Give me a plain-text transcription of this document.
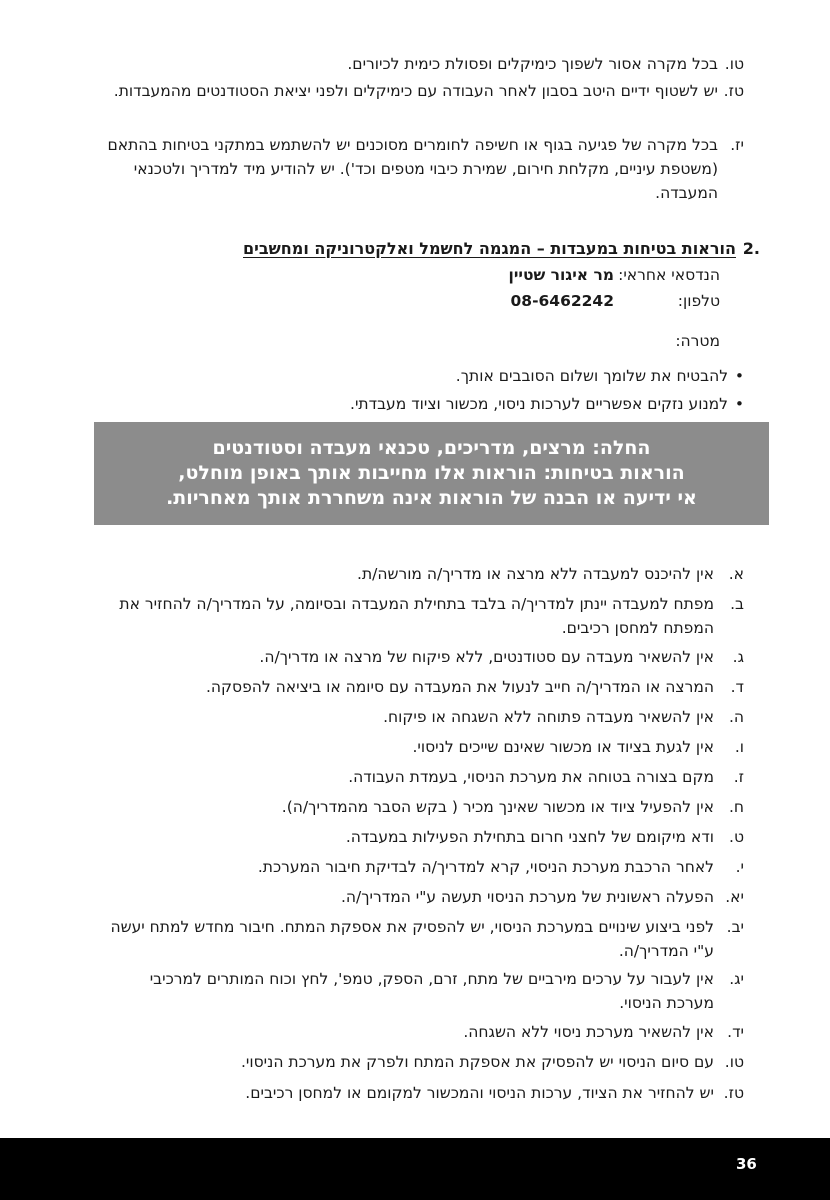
טו.
בכל מקרה אסור לשפוך כימיקלים ופסולת כימית לכיורים.
טז.
יש לשטוף ידיים היטב בסבון לאחר העבודה עם כימיקלים ולפני יציאת הסטודנטים מהמעבדות.
יז.
בכל מקרה של פגיעה בגוף או חשיפה לחומרים מסוכנים יש להשתמש במתקני בטיחות בהתאם (משטפת עיניים, מקלחת חירום, שמירת כיבוי מטפים וכד'). יש להודיע מיד למדריך ולטכנאי המעבדה.
.2
הוראות בטיחות במעבדות – המגמה לחשמל ואלקטרוניקה ומחשבים
הנדסאי אחראי:
מר איגור שטיין
טלפון:
08-6462242
מטרה:
•
להבטיח את שלומך ושלום הסובבים אותך.
•
למנוע נזקים אפשריים לערכות ניסוי, מכשור וציוד מעבדתי.
החלה: מרצים, מדריכים, טכנאי מעבדה וסטודנטים
הוראות בטיחות: הוראות אלו מחייבות אותך באופן מוחלט,
אי ידיעה או הבנה של הוראות אינה משחררת אותך מאחריות.
א.
אין להיכנס למעבדה ללא מרצה או מדריך/ה מורשה/ת.
ב.
מפתח למעבדה יינתן למדריך/ה בלבד בתחילת המעבדה ובסיומה, על המדריך/ה להחזיר את המפתח למחסן רכיבים.
ג.
אין להשאיר מעבדה עם סטודנטים, ללא פיקוח של מרצה או מדריך/ה.
ד.
המרצה או המדריך/ה חייב לנעול את המעבדה עם סיומה או ביציאה להפסקה.
ה.
אין להשאיר מעבדה פתוחה ללא השגחה או פיקוח.
ו.
אין לגעת בציוד או מכשור שאינם שייכים לניסוי.
ז.
מקם בצורה בטוחה את מערכת הניסוי, בעמדת העבודה.
ח.
אין להפעיל ציוד או מכשור שאינך מכיר ( בקש הסבר מהמדריך/ה).
ט.
ודא מיקומם של לחצני חרום בתחילת הפעילות במעבדה.
י.
לאחר הרכבת מערכת הניסוי, קרא למדריך/ה לבדיקת חיבור המערכת.
יא.
הפעלה ראשונית של מערכת הניסוי תעשה ע"י המדריך/ה.
יב.
לפני ביצוע שינויים במערכת הניסוי, יש להפסיק את אספקת המתח. חיבור מחדש למתח יעשה ע"י המדריך/ה.
יג.
אין לעבור על ערכים מירביים של מתח, זרם, הספק, טמפ', לחץ וכוח המותרים למרכיבי מערכת הניסוי.
יד.
אין להשאיר מערכת ניסוי ללא השגחה.
טו.
עם סיום הניסוי יש להפסיק את אספקת המתח ולפרק את מערכת הניסוי.
טז.
יש להחזיר את הציוד, ערכות הניסוי והמכשור למקומם או למחסן רכיבים.
36
